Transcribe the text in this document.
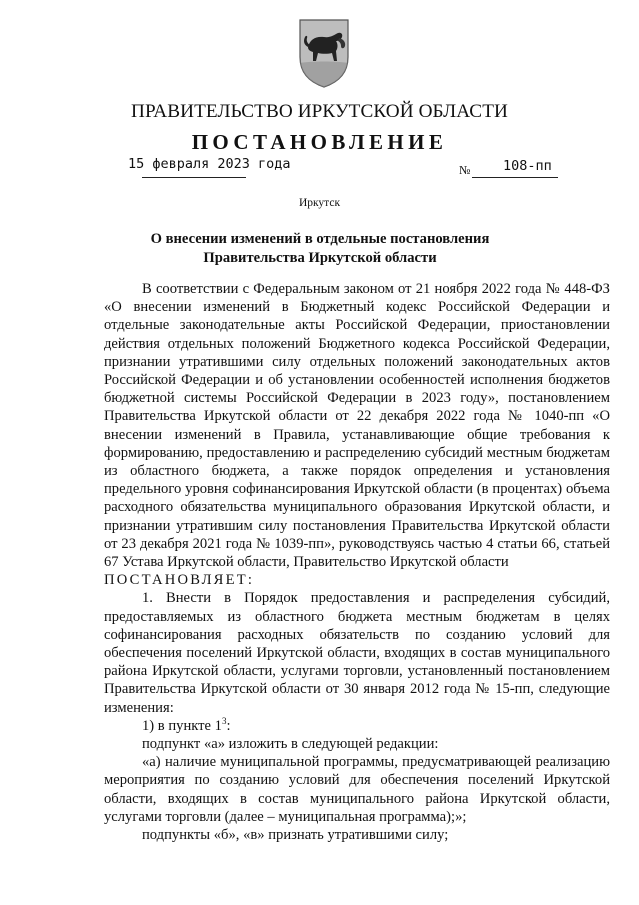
ПРАВИТЕЛЬСТВО ИРКУТСКОЙ ОБЛАСТИ
ПОСТАНОВЛЕНИЕ
15 февраля 2023 года	№ 108-пп
Иркутск
О внесении изменений в отдельные постановления Правительства Иркутской области

В соответствии с Федеральным законом от 21 ноября 2022 года № 448-ФЗ «О внесении изменений в Бюджетный кодекс Российской Федерации и отдельные законодательные акты Российской Федерации, приостановлении действия отдельных положений Бюджетного кодекса Российской Федерации, признании утратившими силу отдельных положений законодательных актов Российской Федерации и об установлении особенностей исполнения бюджетов бюджетной системы Российской Федерации в 2023 году», постановлением Правительства Иркутской области от 22 декабря 2022 года № 1040-пп «О внесении изменений в Правила, устанавливающие общие требования к формированию, предоставлению и распределению субсидий местным бюджетам из областного бюджета, а также порядок определения и установления предельного уровня софинансирования Иркутской области (в процентах) объема расходного обязательства муниципального образования Иркутской области, и признании утратившим силу постановления Правительства Иркутской области от 23 декабря 2021 года № 1039-пп», руководствуясь частью 4 статьи 66, статьей 67 Устава Иркутской области, Правительство Иркутской области

ПОСТАНОВЛЯЕТ:

1. Внести в Порядок предоставления и распределения субсидий, предоставляемых из областного бюджета местным бюджетам в целях софинансирования расходных обязательств по созданию условий для обеспечения поселений Иркутской области, входящих в состав муниципального района Иркутской области, услугами торговли, установленный постановлением Правительства Иркутской области от 30 января 2012 года № 15-пп, следующие изменения:

1) в пункте $1^3$:

подпункт «а» изложить в следующей редакции:

«а) наличие муниципальной программы, предусматривающей реализацию мероприятия по созданию условий для обеспечения поселений Иркутской области, входящих в состав муниципального района Иркутской области, услугами торговли (далее – муниципальная программа);»;

подпункты «б», «в» признать утратившими силу;
